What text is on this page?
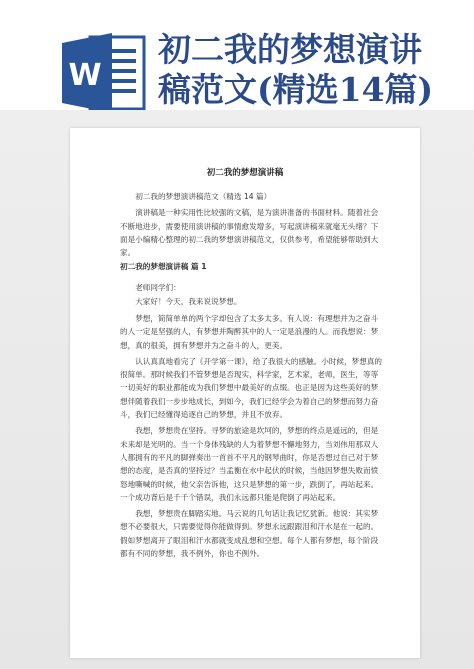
W
初二我的梦想演讲
稿范文(精选14篇)
初二我的梦想演讲稿

初二我的梦想演讲稿范文（精选 14 篇）

演讲稿是一种实用性比较强的文稿，是为演讲准备的书面材料。随着社会不断地进步，需要使用演讲稿的事情愈发增多，写起演讲稿来就毫无头绪？下面是小编精心整理的初二我的梦想演讲稿范文，仅供参考，希望能够帮助到大家。

初二我的梦想演讲稿 篇 1

老师同学们：

大家好！今天，我来说说梦想。

梦想，简简单单的两个字却包含了太多太多。有人说：有理想并为之奋斗的人一定是坚强的人，有梦想并陶醉其中的人一定是浪漫的人。而我想说：梦想，真的很美，拥有梦想并为之奋斗的人，更美。

认认真真地看完了《开学第一课》，给了我很大的感触。小时候，梦想真的很简单。那时候我们不管梦想是否现实，科学家，艺术家，老师，医生，等等一切美好的职业都能成为我们梦想中最美好的点缀。也正是因为这些美好的梦想伴随着我们一步步地成长，到如今，我们已经学会为着自己的梦想而努力奋斗，我们已经懂得追逐自己的梦想，并且不放弃。

我想，梦想贵在坚持。寻梦的旅途是坎坷的，梦想的终点是遥远的，但是未来却是光明的。当一个身体残缺的人为着梦想不懈地努力，当刘伟用那双人人都拥有的平凡的脚弹奏出一首首不平凡的钢琴曲时，你是否想过自己对于梦想的态度，是否真的坚持过？当孟衡在水中起伏的时候，当他因梦想失败而愤怒地嘶喊的时候，他父亲告诉他，这只是梦想的第一步，跌倒了，再站起来。一个成功背后是千千个错误，我们永远都只能是爬倒了再站起来。

我想，梦想贵在脚踏实地。马云说的几句话让我记忆犹新。他说：其实梦想不必要很大，只需要觉得你能做得到。梦想永远跟跟泪和汗水是在一起的。假如梦想离开了眼泪和汗水都就变成乱想和空想。每个人都有梦想，每个阶段都有不同的梦想，我不例外，你也不例外。
